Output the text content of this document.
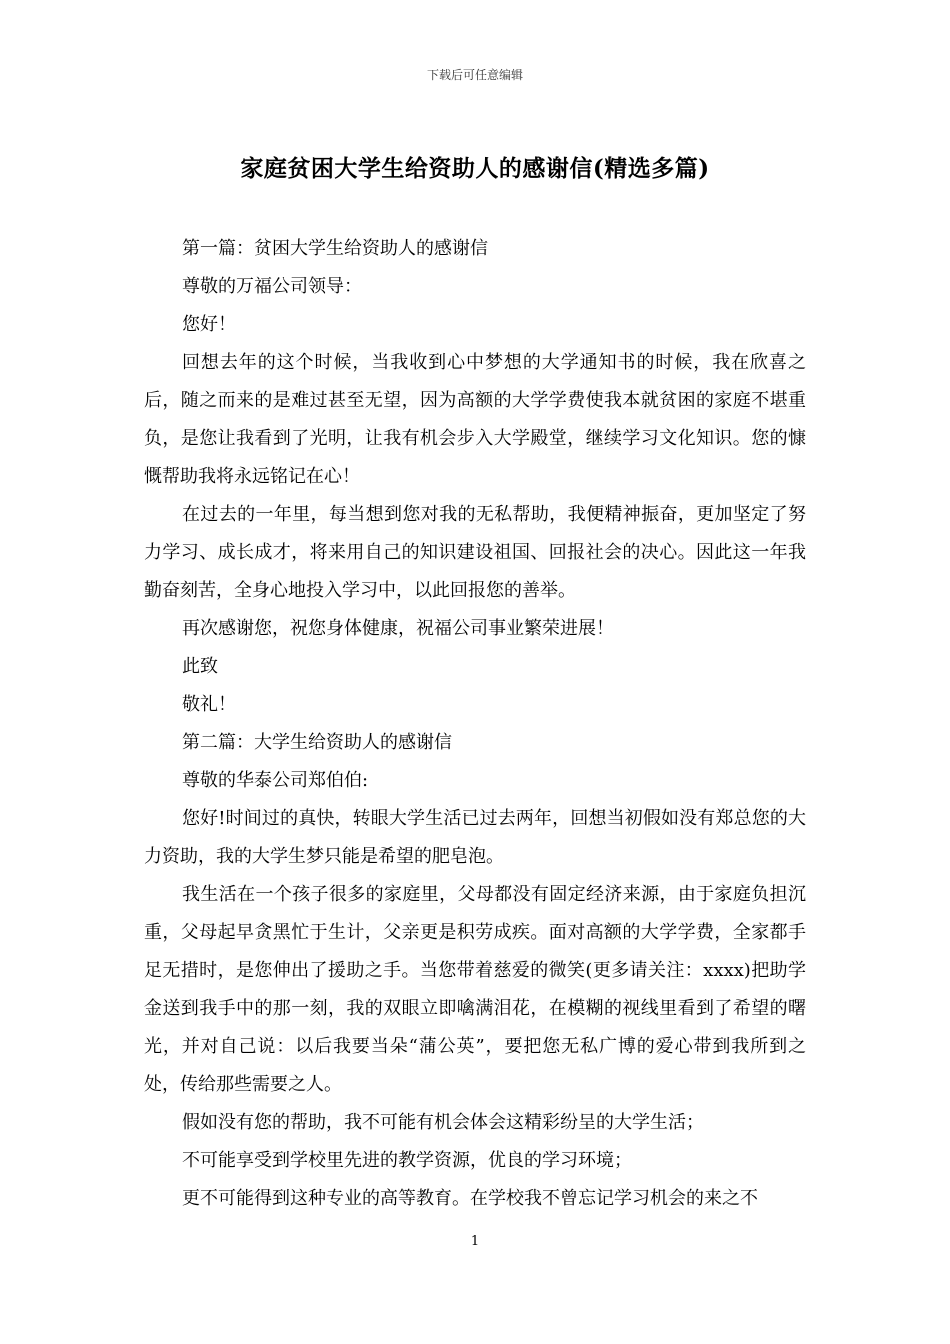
下载后可任意编辑
家庭贫困大学生给资助人的感谢信(精选多篇)

第一篇：贫困大学生给资助人的感谢信

尊敬的万福公司领导：

您好！

回想去年的这个时候，当我收到心中梦想的大学通知书的时候，我在欣喜之后，随之而来的是难过甚至无望，因为高额的大学学费使我本就贫困的家庭不堪重负，是您让我看到了光明，让我有机会步入大学殿堂，继续学习文化知识。您的慷慨帮助我将永远铭记在心！

在过去的一年里，每当想到您对我的无私帮助，我便精神振奋，更加坚定了努力学习、成长成才，将来用自己的知识建设祖国、回报社会的决心。因此这一年我勤奋刻苦，全身心地投入学习中，以此回报您的善举。

再次感谢您，祝您身体健康，祝福公司事业繁荣进展！

此致

敬礼！

第二篇：大学生给资助人的感谢信

尊敬的华泰公司郑伯伯:

您好!时间过的真快，转眼大学生活已过去两年，回想当初假如没有郑总您的大力资助，我的大学生梦只能是希望的肥皂泡。

我生活在一个孩子很多的家庭里，父母都没有固定经济来源，由于家庭负担沉重，父母起早贪黑忙于生计，父亲更是积劳成疾。面对高额的大学学费，全家都手足无措时，是您伸出了援助之手。当您带着慈爱的微笑(更多请关注：xxxx)把助学金送到我手中的那一刻，我的双眼立即噙满泪花，在模糊的视线里看到了希望的曙光，并对自己说：以后我要当朵“蒲公英”，要把您无私广博的爱心带到我所到之处，传给那些需要之人。

假如没有您的帮助，我不可能有机会体会这精彩纷呈的大学生活；

不可能享受到学校里先进的教学资源，优良的学习环境；

更不可能得到这种专业的高等教育。在学校我不曾忘记学习机会的来之不

1
